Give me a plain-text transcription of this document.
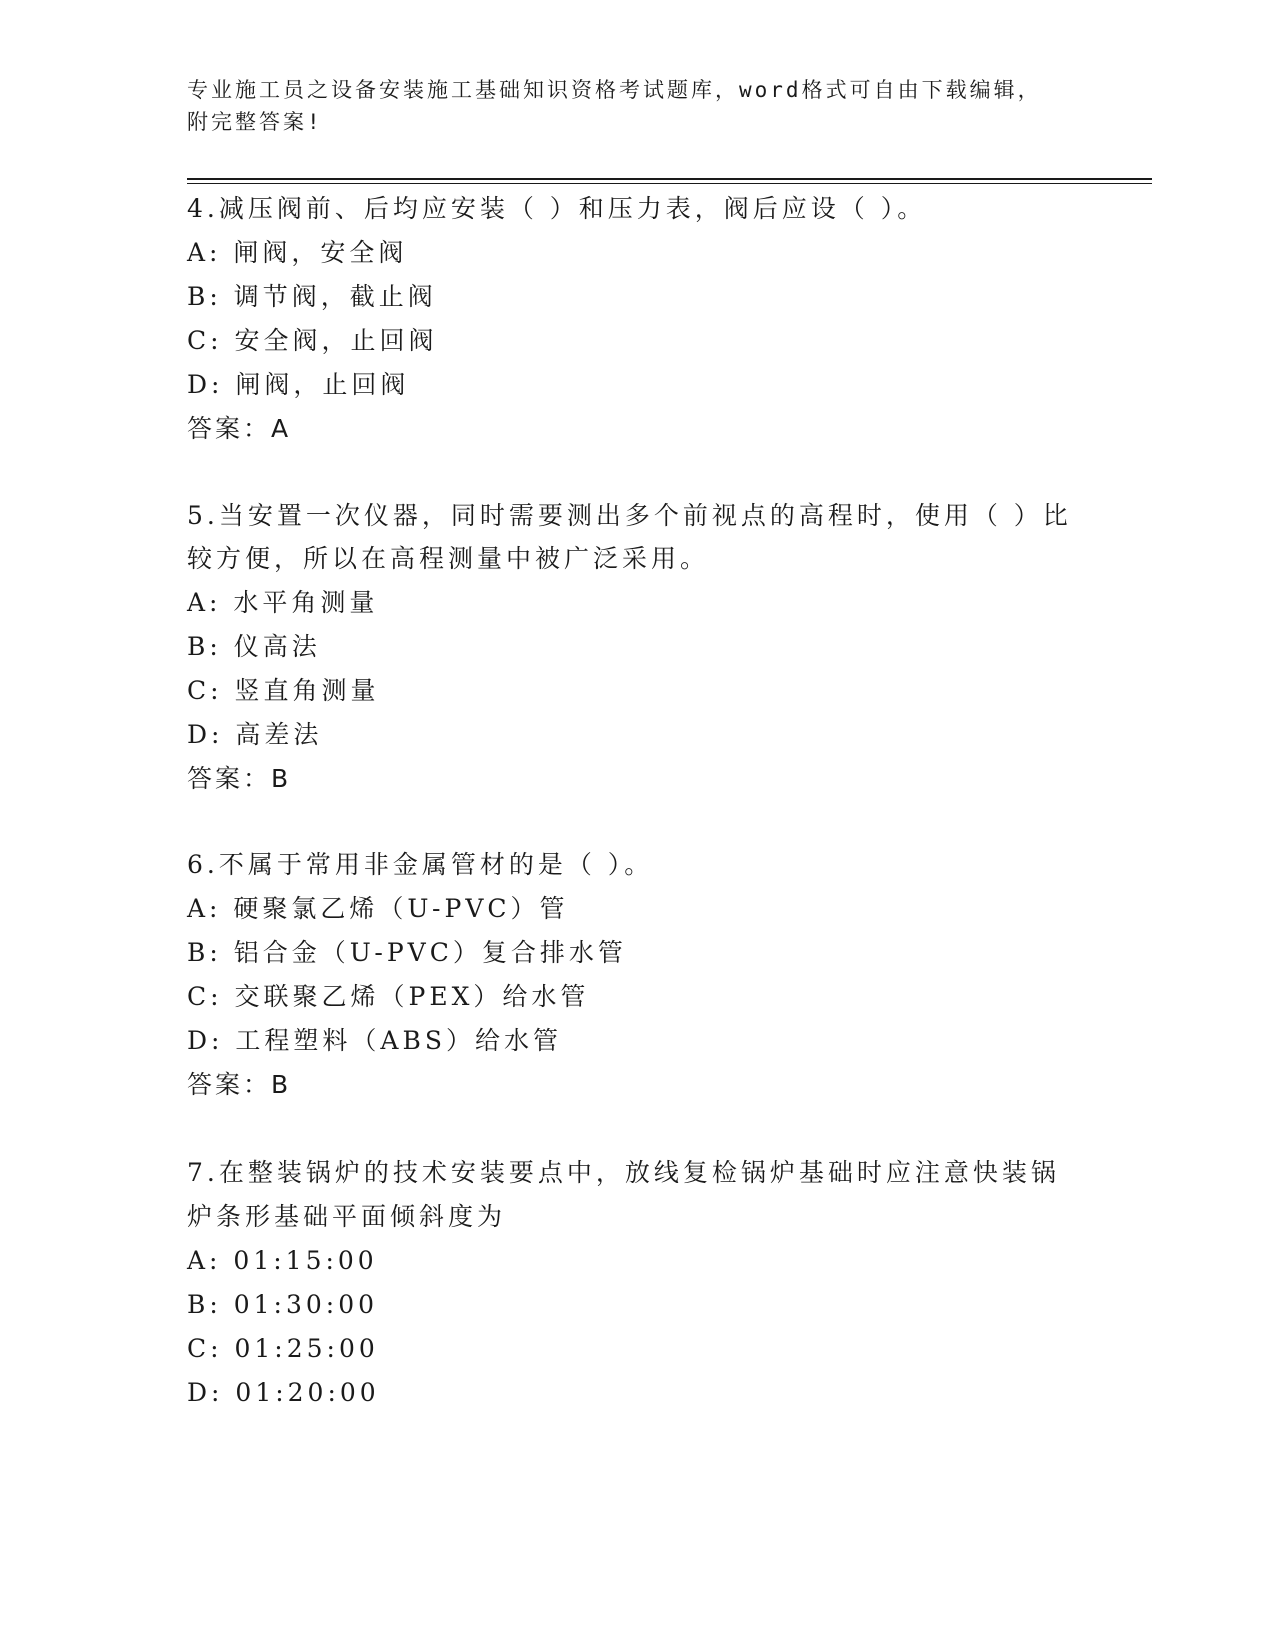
专业施工员之设备安装施工基础知识资格考试题库，word格式可自由下载编辑，
附完整答案!
4.减压阀前、后均应安装（ ）和压力表，阀后应设（ ）。
A: 闸阀，安全阀
B: 调节阀，截止阀
C: 安全阀，止回阀
D: 闸阀，止回阀
答案：A
5.当安置一次仪器，同时需要测出多个前视点的高程时，使用（ ）比
较方便，所以在高程测量中被广泛采用。
A: 水平角测量
B: 仪高法
C: 竖直角测量
D: 高差法
答案：B
6.不属于常用非金属管材的是（ ）。
A: 硬聚氯乙烯（U-PVC）管
B: 铝合金（U-PVC）复合排水管
C: 交联聚乙烯（PEX）给水管
D: 工程塑料（ABS）给水管
答案：B
7.在整装锅炉的技术安装要点中，放线复检锅炉基础时应注意快装锅
炉条形基础平面倾斜度为
A: 01:15:00
B: 01:30:00
C: 01:25:00
D: 01:20:00
